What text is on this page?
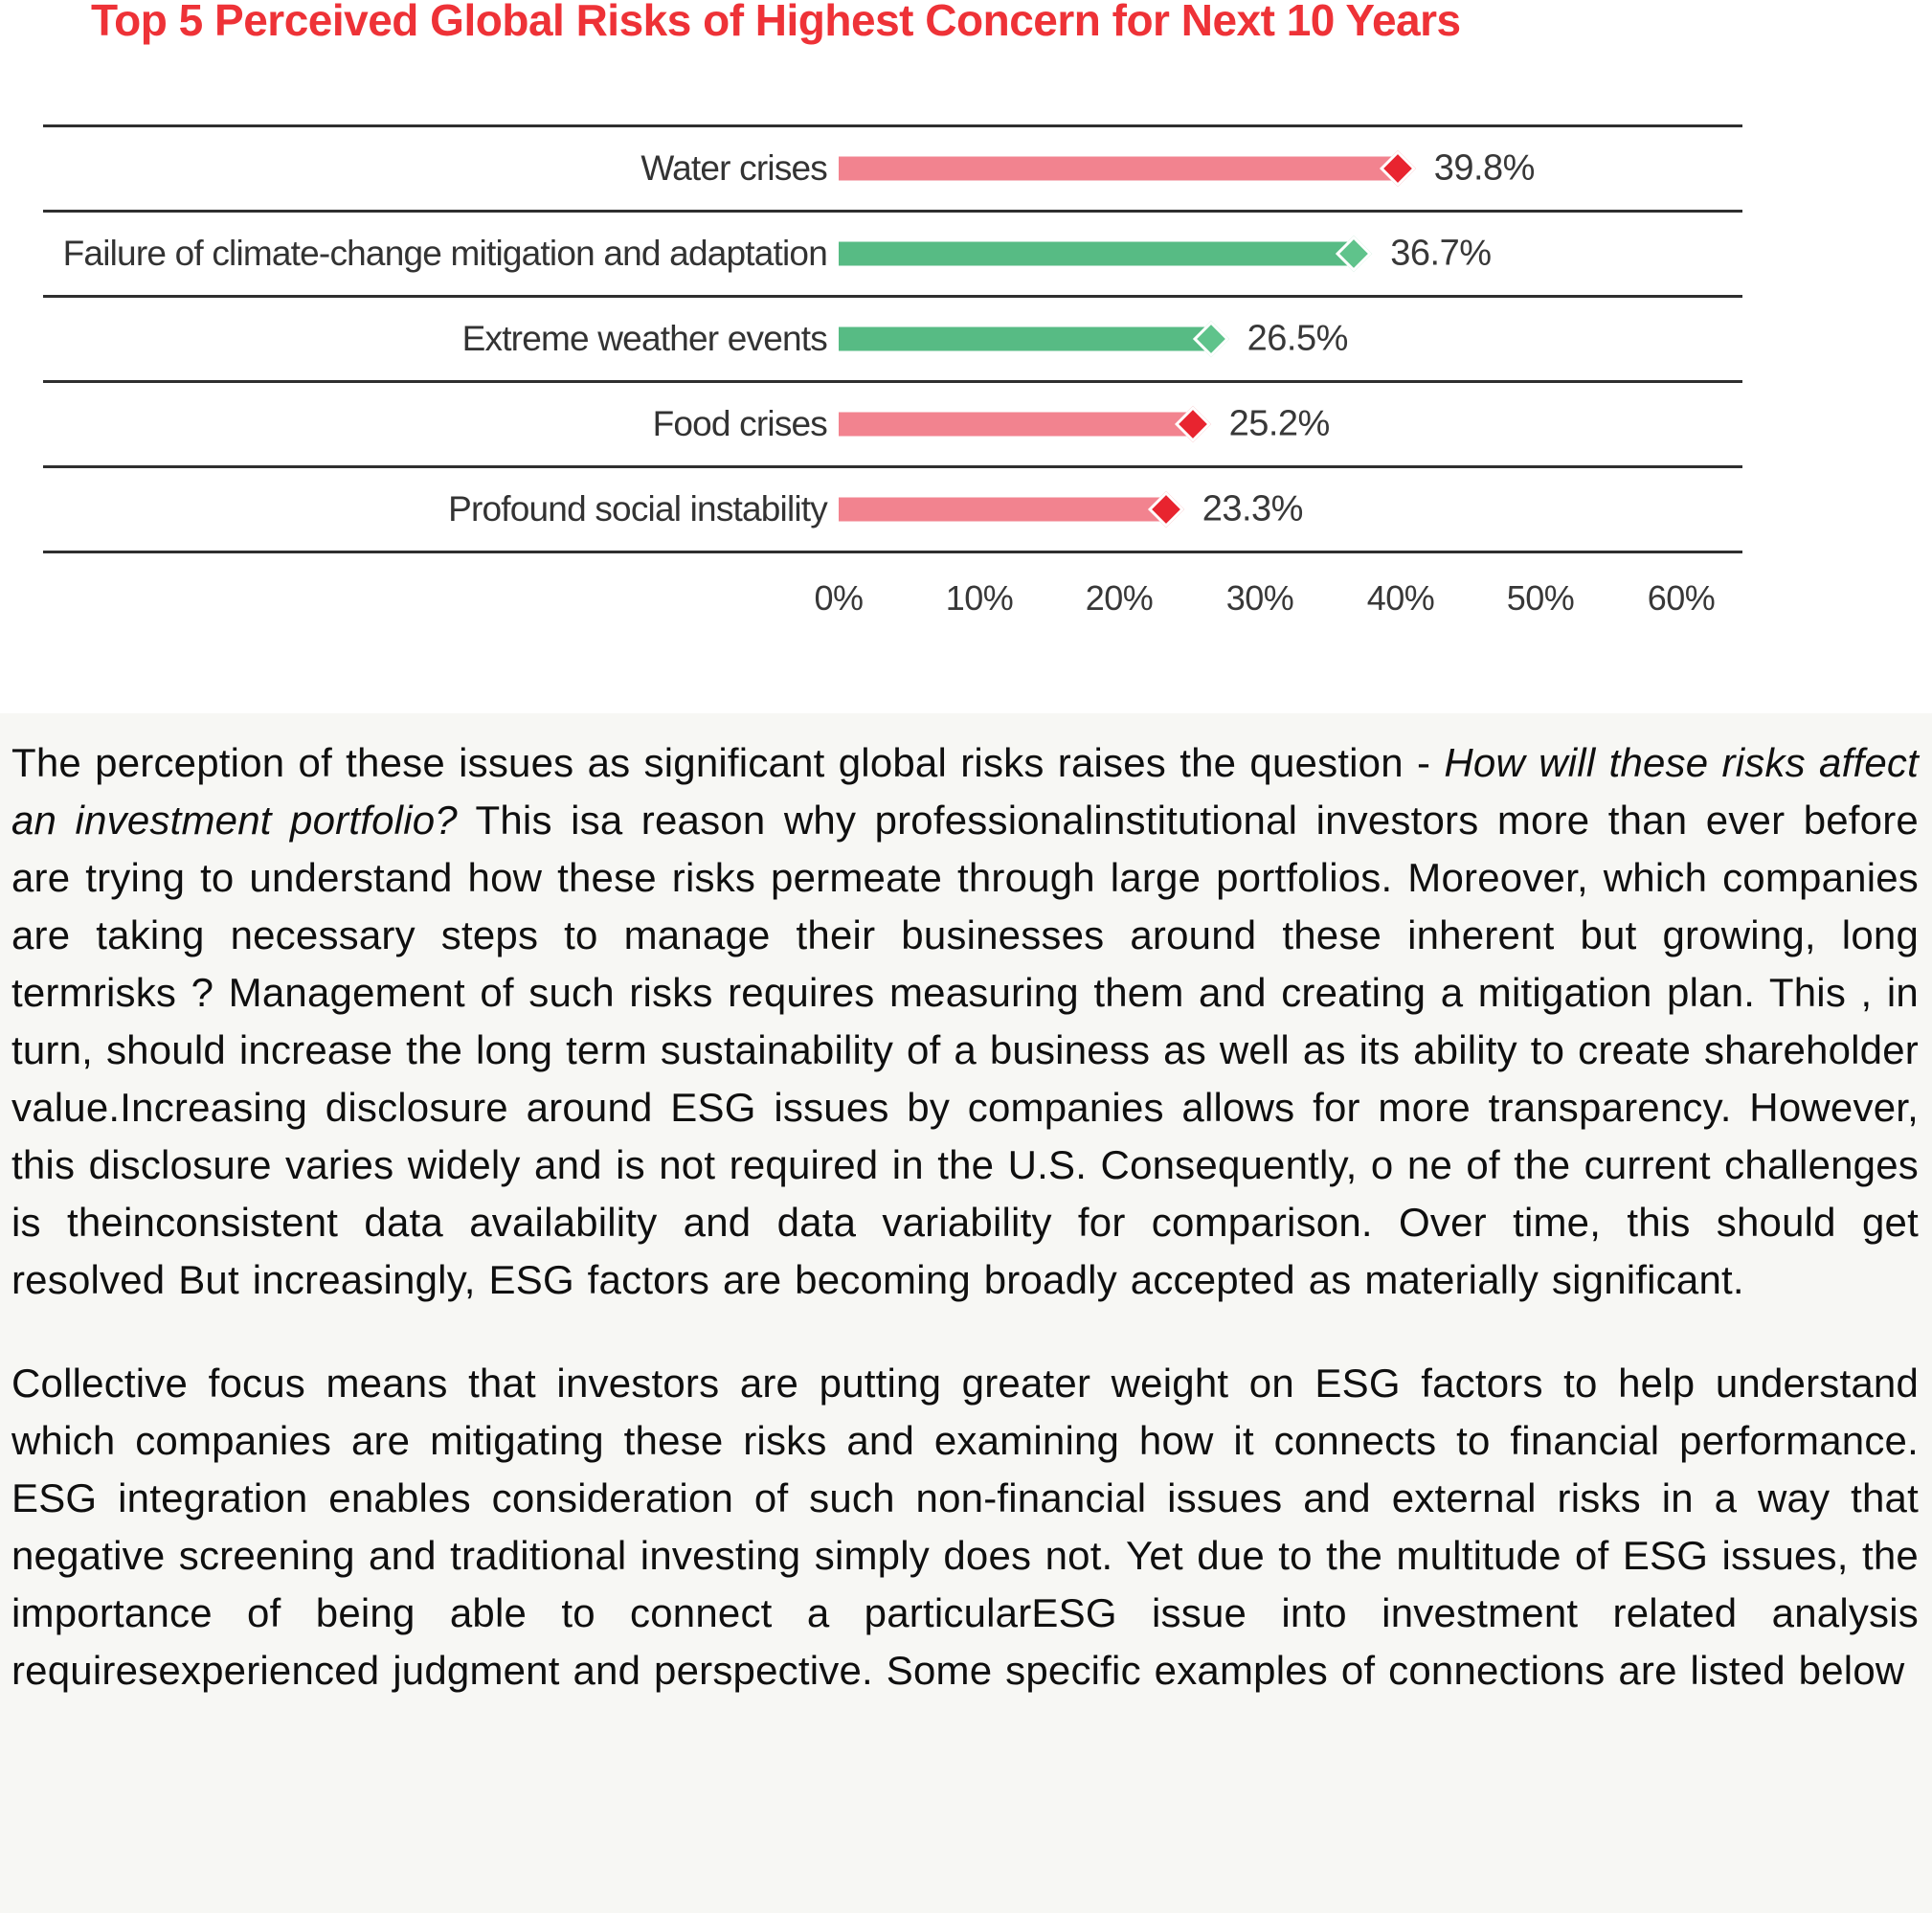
Top 5 Perceived Global Risks of Highest Concern for Next 10 Years
Water crises	39.8%
Failure of climate-change mitigation and adaptation	36.7%
Extreme weather events	26.5%
Food crises	25.2%
Profound social instability	23.3%
0% 10% 20% 30% 40% 50% 60%

The perception of these issues as significant global risks raises the question - How will these risks affect an investment portfolio? This isa reason why professionalinstitutional investors more than ever before are trying to understand how these risks permeate through large portfolios. Moreover, which companies are taking necessary steps to manage their businesses around these inherent but growing, long termrisks ? Management of such risks requires measuring them and creating a mitigation plan. This , in turn, should increase the long term sustainability of a business as well as its ability to create shareholder value.Increasing disclosure around ESG issues by companies allows for more transparency. However, this disclosure varies widely and is not required in the U.S. Consequently, o ne of the current challenges is theinconsistent data availability and data variability for comparison. Over time, this should get resolved But increasingly, ESG factors are becoming broadly accepted as materially significant.

Collective focus means that investors are putting greater weight on ESG factors to help understand which companies are mitigating these risks and examining how it connects to financial performance. ESG integration enables consideration of such non-financial issues and external risks in a way that negative screening and traditional investing simply does not. Yet due to the multitude of ESG issues, the importance of being able to connect a particularESG issue into investment related analysis requiresexperienced judgment and perspective. Some specific examples of connections are listed below
